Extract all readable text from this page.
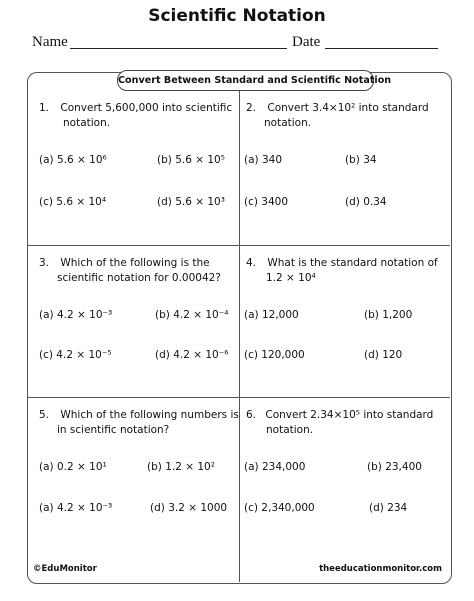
Scientific Notation
Name	Date
Convert Between Standard and Scientific Notation
1. Convert 5,600,000 into scientific
notation.
(a) 5.6 × 10⁶	(b) 5.6 × 10⁵
(c) 5.6 × 10⁴	(d) 5.6 × 10³
2. Convert 3.4×10² into standard
notation.
(a) 340	(b) 34
(c) 3400	(d) 0.34
3. Which of the following is the
scientific notation for 0.00042?
(a) 4.2 × 10⁻³	(b) 4.2 × 10⁻⁴
(c) 4.2 × 10⁻⁵	(d) 4.2 × 10⁻⁶
4. What is the standard notation of
1.2 × 10⁴
(a) 12,000	(b) 1,200
(c) 120,000	(d) 120
5. Which of the following numbers is
in scientific notation?
(a) 0.2 × 10¹	(b) 1.2 × 10²
(a) 4.2 × 10⁻³	(d) 3.2 × 1000
6. Convert 2.34×10⁵ into standard
notation.
(a) 234,000	(b) 23,400
(c) 2,340,000	(d) 234
©EduMonitor	theeducationmonitor.com
